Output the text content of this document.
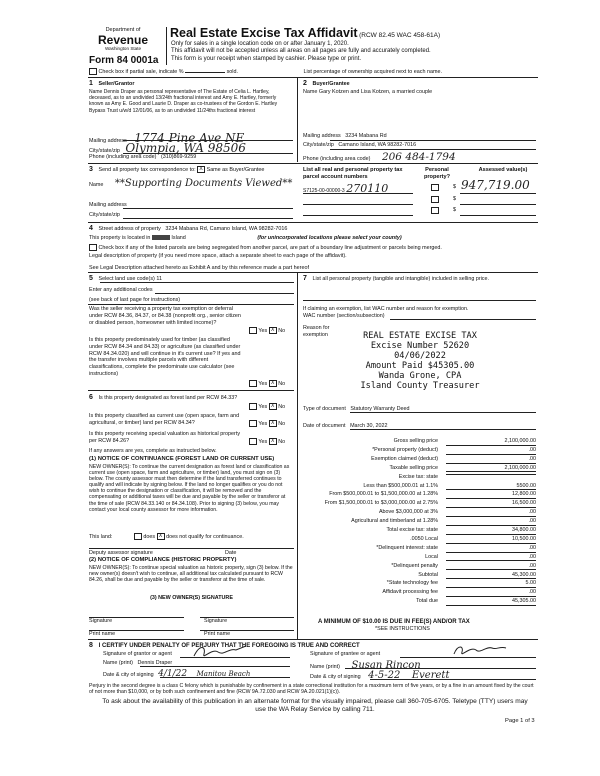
Department of
Revenue
Washington State
Form 84 0001a
Real Estate Excise Tax Affidavit (RCW 82.45 WAC 458-61A)
Only for sales in a single location code on or after January 1, 2020.
This affidavit will not be accepted unless all areas on all pages are fully and accurately completed.
This form is your receipt when stamped by cashier. Please type or print.
Check box if partial sale, indicate %	sold.	List percentage of ownership acquired next to each name.
1 Seller/Grantor
Name Dennis Draper as personal representative of The Estate of Celia L. Hartley, deceased, as to an undivided 13/24th fractional interest and Amy E. Hartley, formerly known as Amy E. Good and Laurie D. Draper as co-trustees of the Gordon E. Hartley Bypass Trust u/w/d 12/01/06, as to an undivided 11/24ths fractional interest
Mailing address 1774 Pine Ave NE
City/state/zip Olympia, WA 98506
Phone (including area code) (310)869-9259
2 Buyer/Grantee
Name Gary Kotzen and Lisa Kotzen, a married couple
Mailing address 3234 Mabana Rd
City/state/zip Camano Island, WA 98282-7016
Phone (including area code) 206 484-1794
3 Send all property tax correspondence to: X Same as Buyer/Grantee
Name **Supporting Documents Viewed**
Mailing address
City/state/zip
List all real and personal property tax parcel account numbers
Personal property?
Assessed value(s)
S7125-00-00000-3 270110	$ 947,719.00
$
$
4 Street address of property 3234 Mabana Rd, Camano Island, WA 98282-7016
This property is located in	Island	(for unincorporated locations please select your county)
Check box if any of the listed parcels are being segregated from another parcel, are part of a boundary line adjustment or parcels being merged.
Legal description of property (if you need more space, attach a separate sheet to each page of the affidavit).
See Legal Description attached hereto as Exhibit A and by this reference made a part hereof
5 Select land use code(s) 11
Enter any additional codes
(see back of last page for instructions)
Was the seller receiving a property tax exemption or deferral under RCW 84.36, 84.37, or 84.38 (nonprofit org., senior citizen or disabled person, homeowner with limited income)?
Yes X No
Is this property predominately used for timber (as classified under RCW 84.34 and 84.33) or agriculture (as classified under RCW 84.34.020) and will continue in it's current use? If yes and the transfer involves multiple parcels with different classifications, complete the predominate use calculator (see instructions)
Yes X No
6 Is this property designated as forest land per RCW 84.33?
Yes X No
Is this property classified as current use (open space, farm and agricultural, or timber) land per RCW 84.34?	Yes X No
Is this property receiving special valuation as historical property per RCW 84.26?	Yes X No
If any answers are yes, complete as instructed below.
(1) NOTICE OF CONTINUANCE (FOREST LAND OR CURRENT USE)
NEW OWNER(S): To continue the current designation as forest land or classification as current use (open space, farm and agriculture, or timber) land, you must sign on (3) below. The county assessor must then determine if the land transferred continues to qualify and will indicate by signing below. If the land no longer qualifies or you do not wish to continue the designation or classification, it will be removed and the compensating or additional taxes will be due and payable by the seller or transferor at the time of sale (RCW 84.33.140 or 84.34.108). Prior to signing (3) below, you may contact your local county assessor for more information.
This land:	does X does not qualify for continuance.
Deputy assessor signature	Date
(2) NOTICE OF COMPLIANCE (HISTORIC PROPERTY)
NEW OWNER(S): To continue special valuation as historic property, sign (3) below. If the new owner(s) doesn't wish to continue, all additional tax calculated pursuant to RCW 84.26, shall be due and payable by the seller or transferor at the time of sale.
(3) NEW OWNER(S) SIGNATURE
Signature	Signature
Print name	Print name
7 List all personal property (tangible and intangible) included in selling price.
If claiming an exemption, list WAC number and reason for exemption.
WAC number (section/subsection)
Reason for exemption	REAL ESTATE EXCISE TAX
Excise Number 52620
04/06/2022
Amount Paid $45305.00
Wanda Grone, CPA
Island County Treasurer
Type of document Statutory Warranty Deed
Date of document March 30, 2022
Gross selling price	2,100,000.00
*Personal property (deduct)	.00
Exemption claimed (deduct)	.00
Taxable selling price	2,100,000.00
Excise tax: state
Less than $500,000.01 at 1.1%	5500.00
From $500,000.01 to $1,500,000.00 at 1.28%	12,800.00
From $1,500,000.01 to $3,000,000.00 at 2.75%	16,500.00
Above $3,000,000 at 3%	.00
Agricultural and timberland at 1.28%	.00
Total excise tax: state	34,800.00
.0050 Local	10,500.00
*Delinquent interest: state	.00
Local	.00
*Delinquent penalty	.00
Subtotal	45,300.00
*State technology fee	5.00
Affidavit processing fee	.00
Total due	45,305.00
A MINIMUM OF $10.00 IS DUE IN FEE(S) AND/OR TAX
*SEE INSTRUCTIONS
8 I CERTIFY UNDER PENALTY OF PERJURY THAT THE FOREGOING IS TRUE AND CORRECT
Signature of grantor or agent
Name (print) Dennis Draper
Date & city of signing 4/1/22 Manitou Beach
Signature of grantee or agent
Name (print) Susan Rincon
Date & city of signing 4-5-22 Everett
Perjury in the second degree is a class C felony which is punishable by confinement in a state correctional institution for a maximum term of five years, or by a fine in an amount fixed by the court of not more than $10,000, or by both such confinement and fine (RCW 9A.72.030 and RCW 9A.20.021(1)(c)).
To ask about the availability of this publication in an alternate format for the visually impaired, please call 360-705-6705. Teletype (TTY) users may use the WA Relay Service by calling 711.
Page 1 of 3
